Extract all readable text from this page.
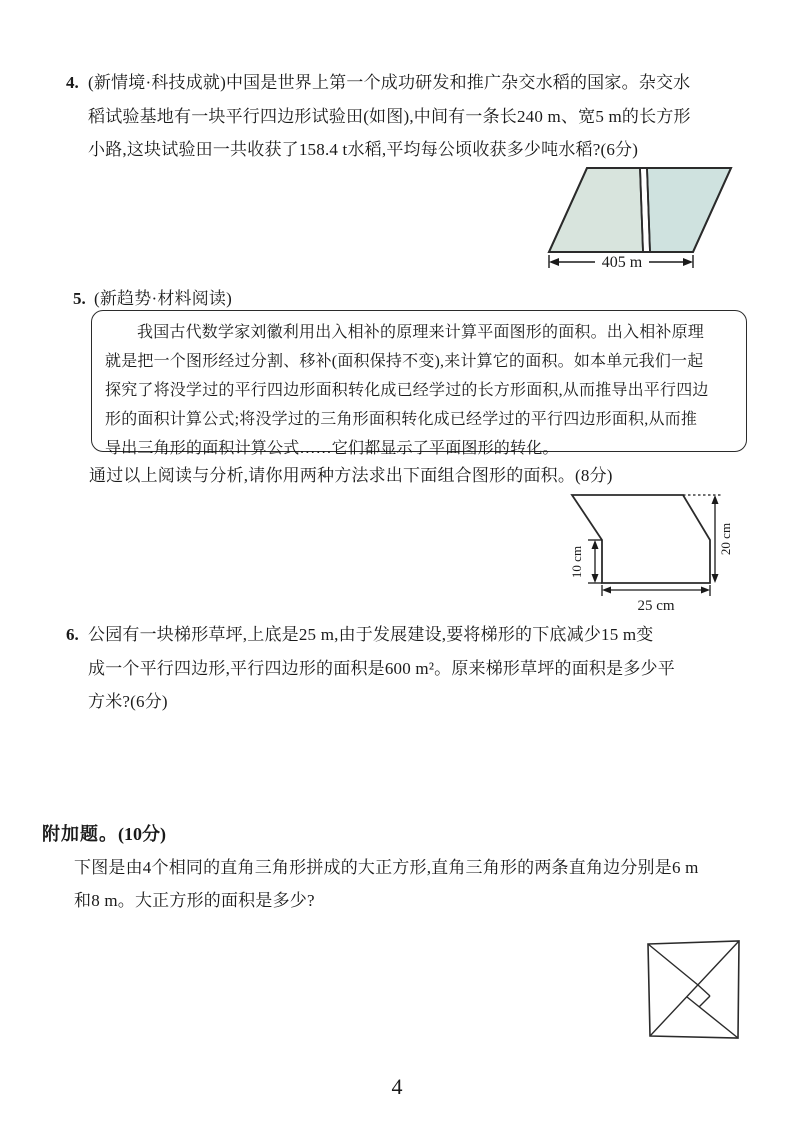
4. (新情境·科技成就)中国是世界上第一个成功研发和推广杂交水稻的国家。杂交水
稻试验基地有一块平行四边形试验田(如图),中间有一条长240 m、宽5 m的长方形
小路,这块试验田一共收获了158.4 t水稻,平均每公顷收获多少吨水稻?(6分)
405 m
5. (新趋势·材料阅读)
我国古代数学家刘徽利用出入相补的原理来计算平面图形的面积。出入相补原理
就是把一个图形经过分割、移补(面积保持不变),来计算它的面积。如本单元我们一起
探究了将没学过的平行四边形面积转化成已经学过的长方形面积,从而推导出平行四边
形的面积计算公式;将没学过的三角形面积转化成已经学过的平行四边形面积,从而推
导出三角形的面积计算公式……它们都显示了平面图形的转化。
通过以上阅读与分析,请你用两种方法求出下面组合图形的面积。(8分)
10 cm
20 cm
25 cm
6. 公园有一块梯形草坪,上底是25 m,由于发展建设,要将梯形的下底减少15 m变
成一个平行四边形,平行四边形的面积是600 m²。原来梯形草坪的面积是多少平
方米?(6分)
附加题。(10分)
下图是由4个相同的直角三角形拼成的大正方形,直角三角形的两条直角边分别是6 m
和8 m。大正方形的面积是多少?
4
